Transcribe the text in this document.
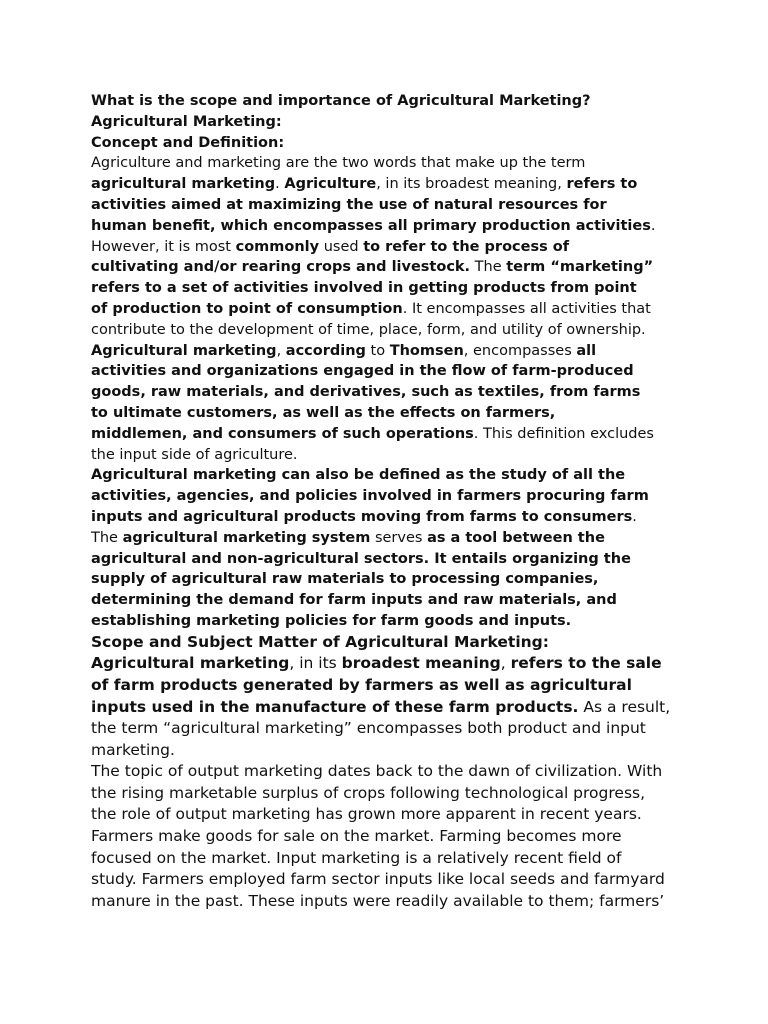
What is the scope and importance of Agricultural Marketing?

Agricultural Marketing:

Concept and Definition:

Agriculture and marketing are the two words that make up the term

agricultural marketing. Agriculture, in its broadest meaning, refers to

activities aimed at maximizing the use of natural resources for

human benefit, which encompasses all primary production activities.

However, it is most commonly used to refer to the process of

cultivating and/or rearing crops and livestock. The term “marketing”

refers to a set of activities involved in getting products from point

of production to point of consumption. It encompasses all activities that

contribute to the development of time, place, form, and utility of ownership.

Agricultural marketing, according to Thomsen, encompasses all

activities and organizations engaged in the flow of farm-produced

goods, raw materials, and derivatives, such as textiles, from farms

to ultimate customers, as well as the effects on farmers,

middlemen, and consumers of such operations. This definition excludes

the input side of agriculture.

Agricultural marketing can also be defined as the study of all the

activities, agencies, and policies involved in farmers procuring farm

inputs and agricultural products moving from farms to consumers.

The agricultural marketing system serves as a tool between the

agricultural and non-agricultural sectors. It entails organizing the

supply of agricultural raw materials to processing companies,

determining the demand for farm inputs and raw materials, and

establishing marketing policies for farm goods and inputs.

Scope and Subject Matter of Agricultural Marketing:

Agricultural marketing, in its broadest meaning, refers to the sale

of farm products generated by farmers as well as agricultural

inputs used in the manufacture of these farm products. As a result,

the term “agricultural marketing” encompasses both product and input

marketing.

The topic of output marketing dates back to the dawn of civilization. With

the rising marketable surplus of crops following technological progress,

the role of output marketing has grown more apparent in recent years.

Farmers make goods for sale on the market. Farming becomes more

focused on the market. Input marketing is a relatively recent field of

study. Farmers employed farm sector inputs like local seeds and farmyard

manure in the past. These inputs were readily available to them; farmers’
